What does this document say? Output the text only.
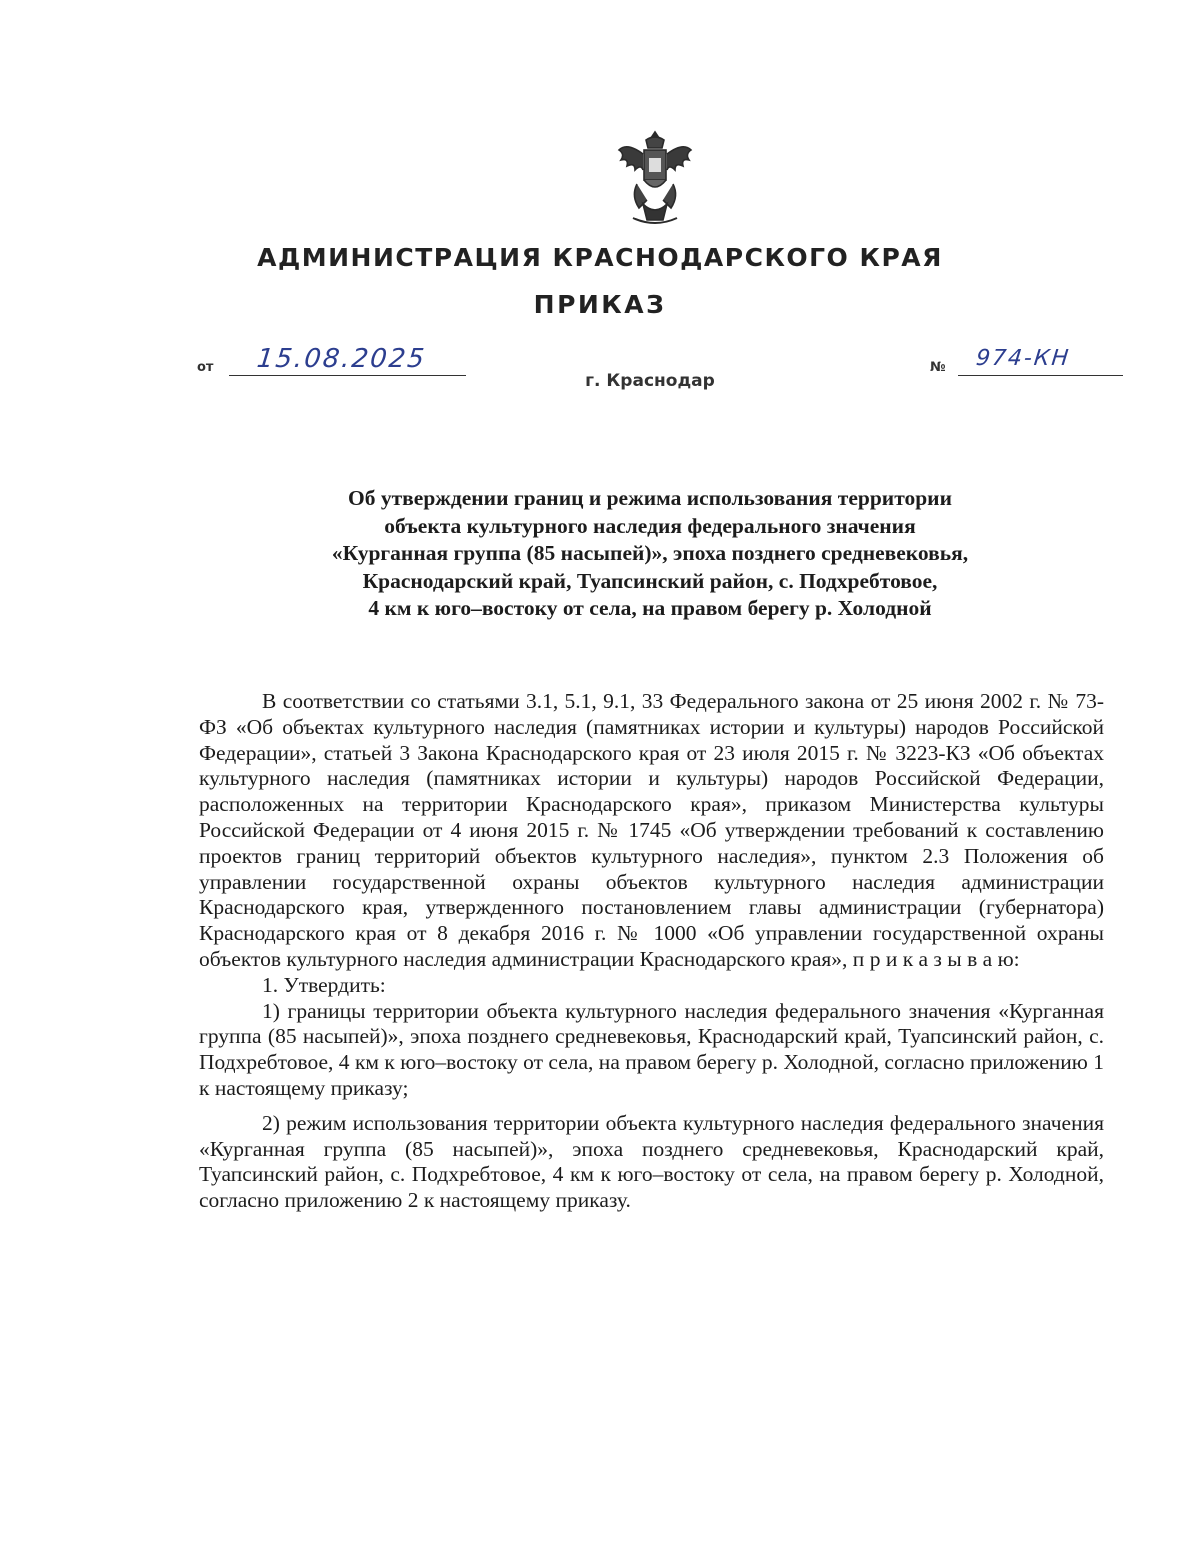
АДМИНИСТРАЦИЯ КРАСНОДАРСКОГО КРАЯ
ПРИКАЗ
от 15.08.2025	№ 974-КН
г. Краснодар
Об утверждении границ и режима использования территории
объекта культурного наследия федерального значения
«Курганная группа (85 насыпей)», эпоха позднего средневековья,
Краснодарский край, Туапсинский район, с. Подхребтовое,
4 км к юго–востоку от села, на правом берегу р. Холодной

В соответствии со статьями 3.1, 5.1, 9.1, 33 Федерального закона от 25 июня 2002 г. № 73-ФЗ «Об объектах культурного наследия (памятниках истории и культуры) народов Российской Федерации», статьей 3 Закона Краснодарского края от 23 июля 2015 г. № 3223-КЗ «Об объектах культурного наследия (памятниках истории и культуры) народов Российской Федерации, расположенных на территории Краснодарского края», приказом Министерства культуры Российской Федерации от 4 июня 2015 г. № 1745 «Об утверждении требований к составлению проектов границ территорий объектов культурного наследия», пунктом 2.3 Положения об управлении государственной охраны объектов культурного наследия администрации Краснодарского края, утвержденного постановлением главы администрации (губернатора) Краснодарского края от 8 декабря 2016 г. № 1000 «Об управлении государственной охраны объектов культурного наследия администрации Краснодарского края», п р и к а з ы в а ю:

1. Утвердить:

1) границы территории объекта культурного наследия федерального значения «Курганная группа (85 насыпей)», эпоха позднего средневековья, Краснодарский край, Туапсинский район, с. Подхребтовое, 4 км к юго–востоку от села, на правом берегу р. Холодной, согласно приложению 1 к настоящему приказу;

2) режим использования территории объекта культурного наследия федерального значения «Курганная группа (85 насыпей)», эпоха позднего средневековья, Краснодарский край, Туапсинский район, с. Подхребтовое, 4 км к юго–востоку от села, на правом берегу р. Холодной, согласно приложению 2 к настоящему приказу.
